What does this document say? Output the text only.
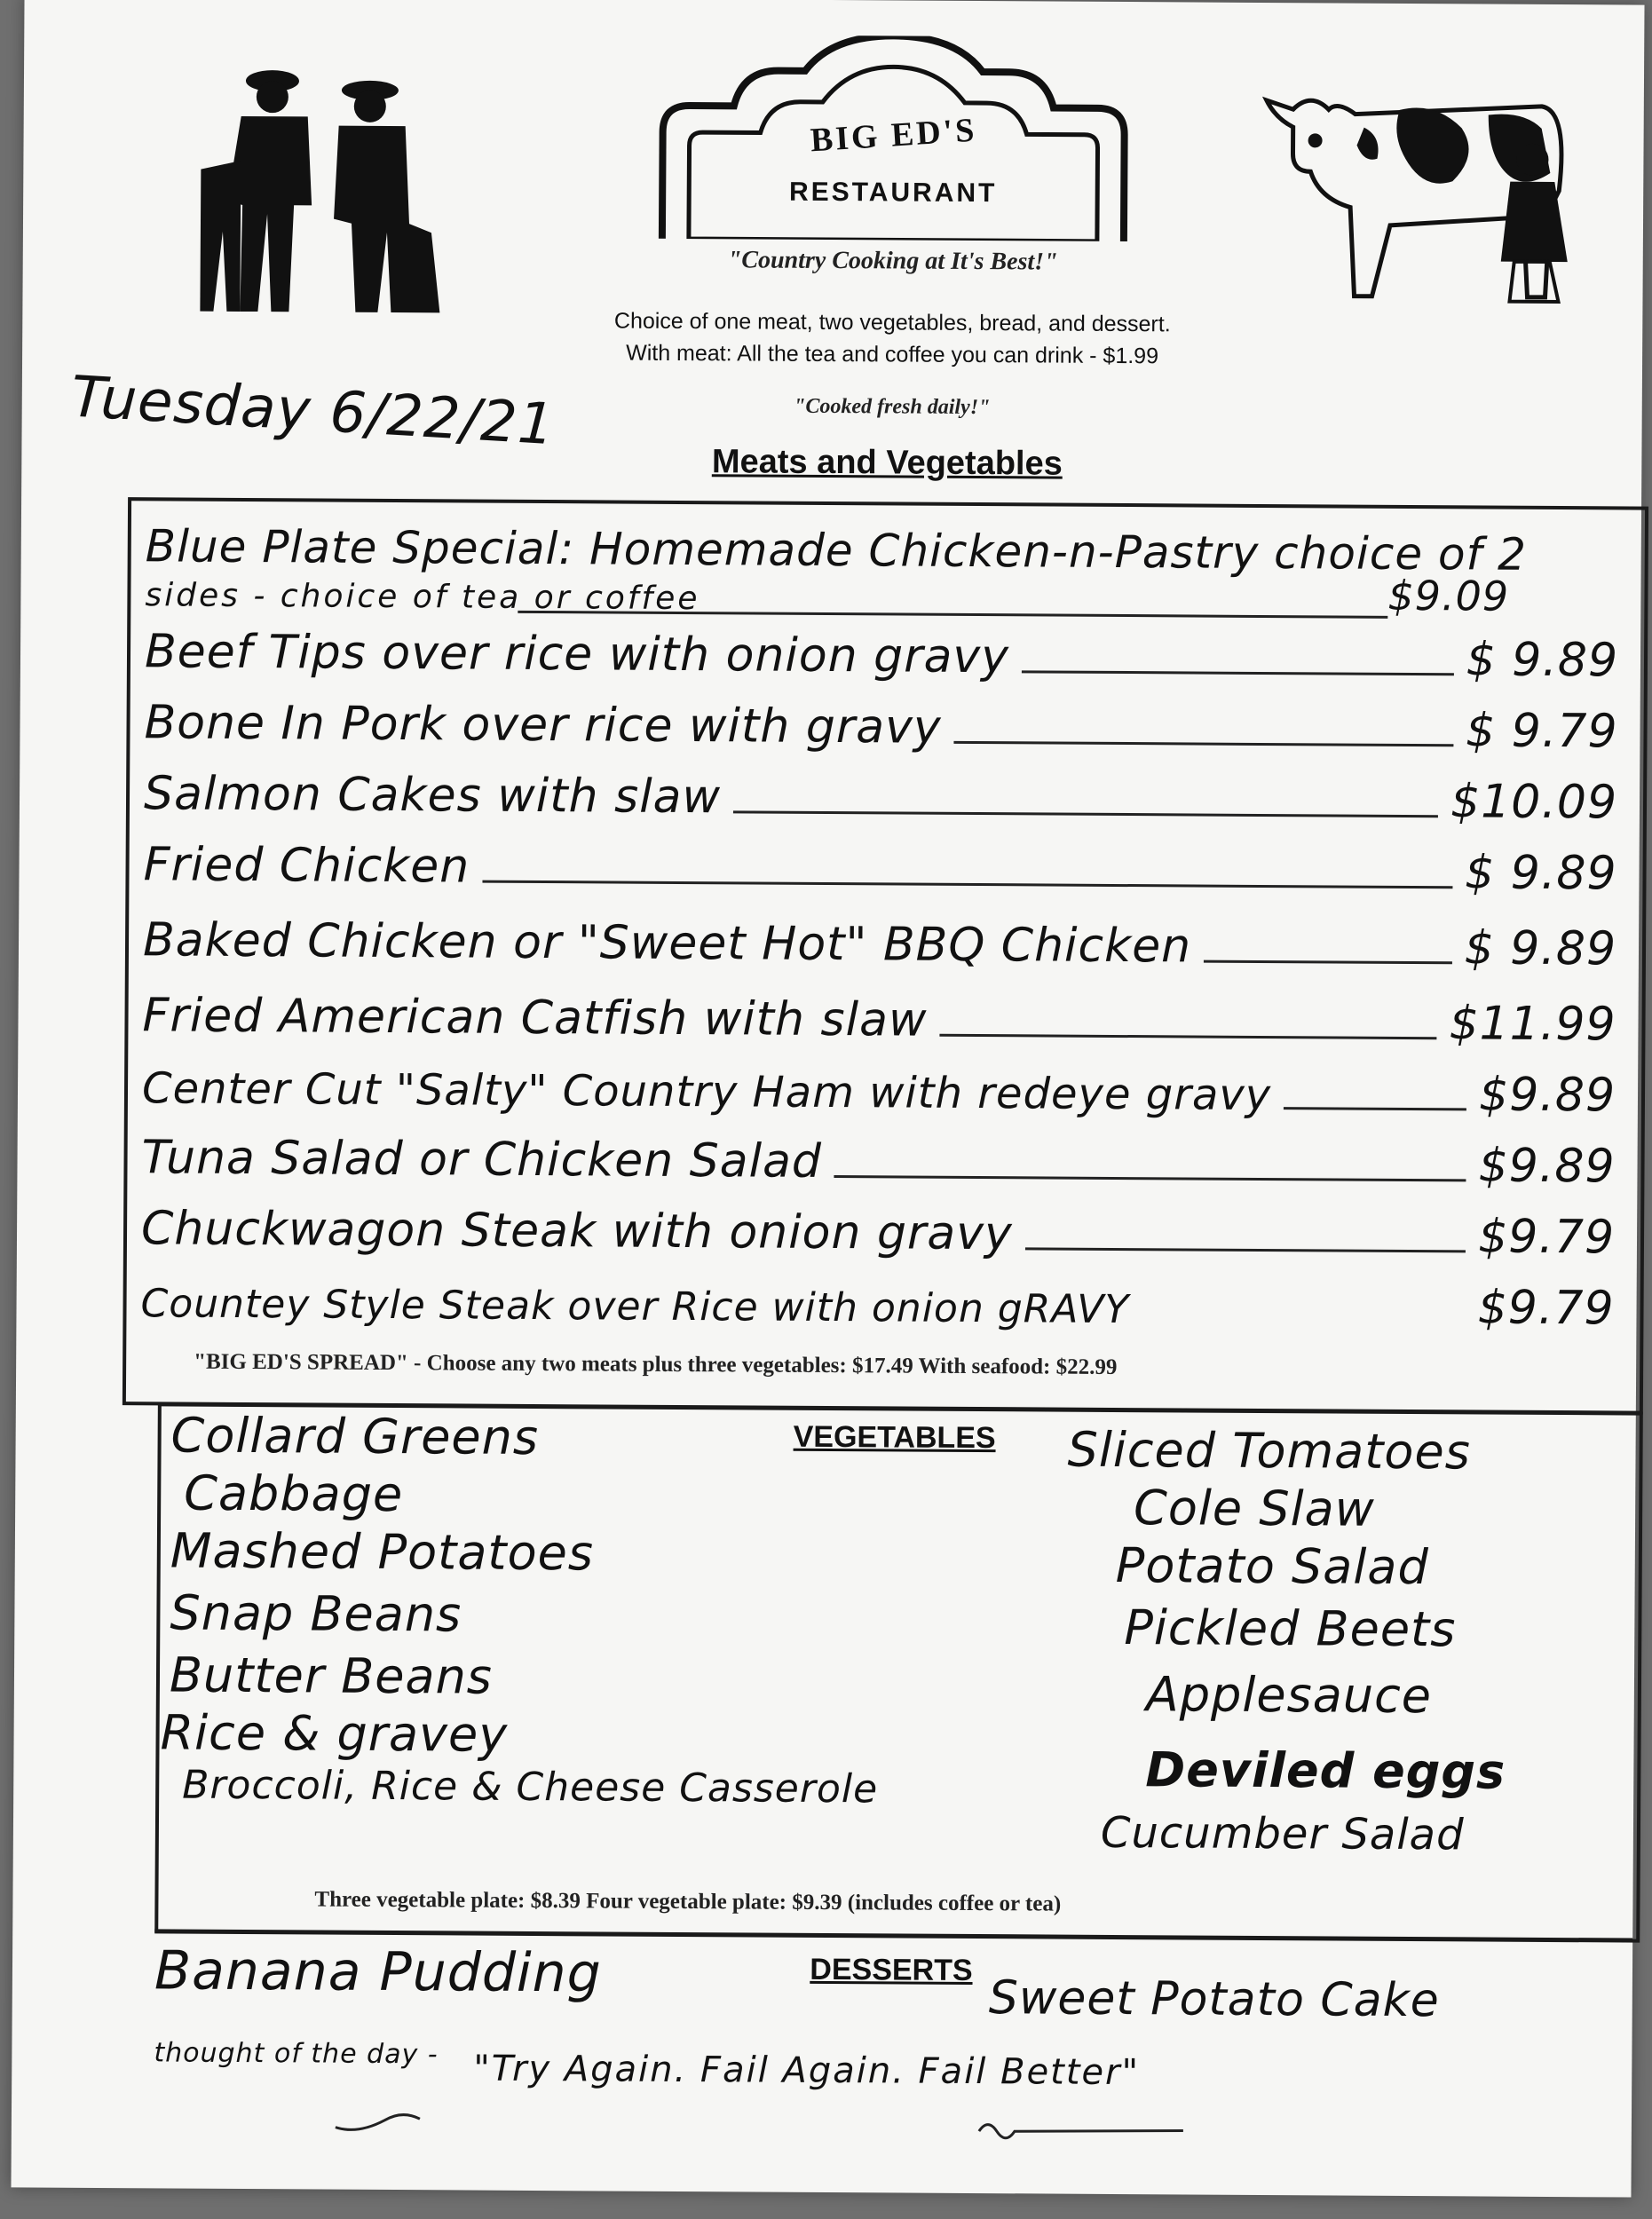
BIG ED'S
RESTAURANT
"Country Cooking at It's Best!"
Choice of one meat, two vegetables, bread, and dessert.
With meat: All the tea and coffee you can drink - $1.99
"Cooked fresh daily!"
Tuesday 6/22/21
Meats and Vegetables
Blue Plate Special: Homemade Chicken-n-Pastry choice of 2
sides - choice of tea or coffee	$9.09
Beef Tips over rice with onion gravy	$ 9.89
Bone In Pork over rice with gravy	$ 9.79
Salmon Cakes with slaw	$10.09
Fried Chicken	$ 9.89
Baked Chicken or "Sweet Hot" BBQ Chicken	$ 9.89
Fried American Catfish with slaw	$11.99
Center Cut "Salty" Country Ham with redeye gravy	$9.89
Tuna Salad or Chicken Salad	$9.89
Chuckwagon Steak with onion gravy	$9.79
Countey Style Steak over Rice with onion gRAVY	$9.79
"BIG ED'S SPREAD" - Choose any two meats plus three vegetables: $17.49 With seafood: $22.99
VEGETABLES
Collard Greens
Cabbage
Mashed Potatoes
Snap Beans
Butter Beans
Rice & gravey
Broccoli, Rice & Cheese Casserole
Sliced Tomatoes
Cole Slaw
Potato Salad
Pickled Beets
Applesauce
Deviled eggs
Cucumber Salad
Three vegetable plate: $8.39 Four vegetable plate: $9.39 (includes coffee or tea)
DESSERTS
Banana Pudding	Sweet Potato Cake
thought of the day - "Try Again. Fail Again. Fail Better"
